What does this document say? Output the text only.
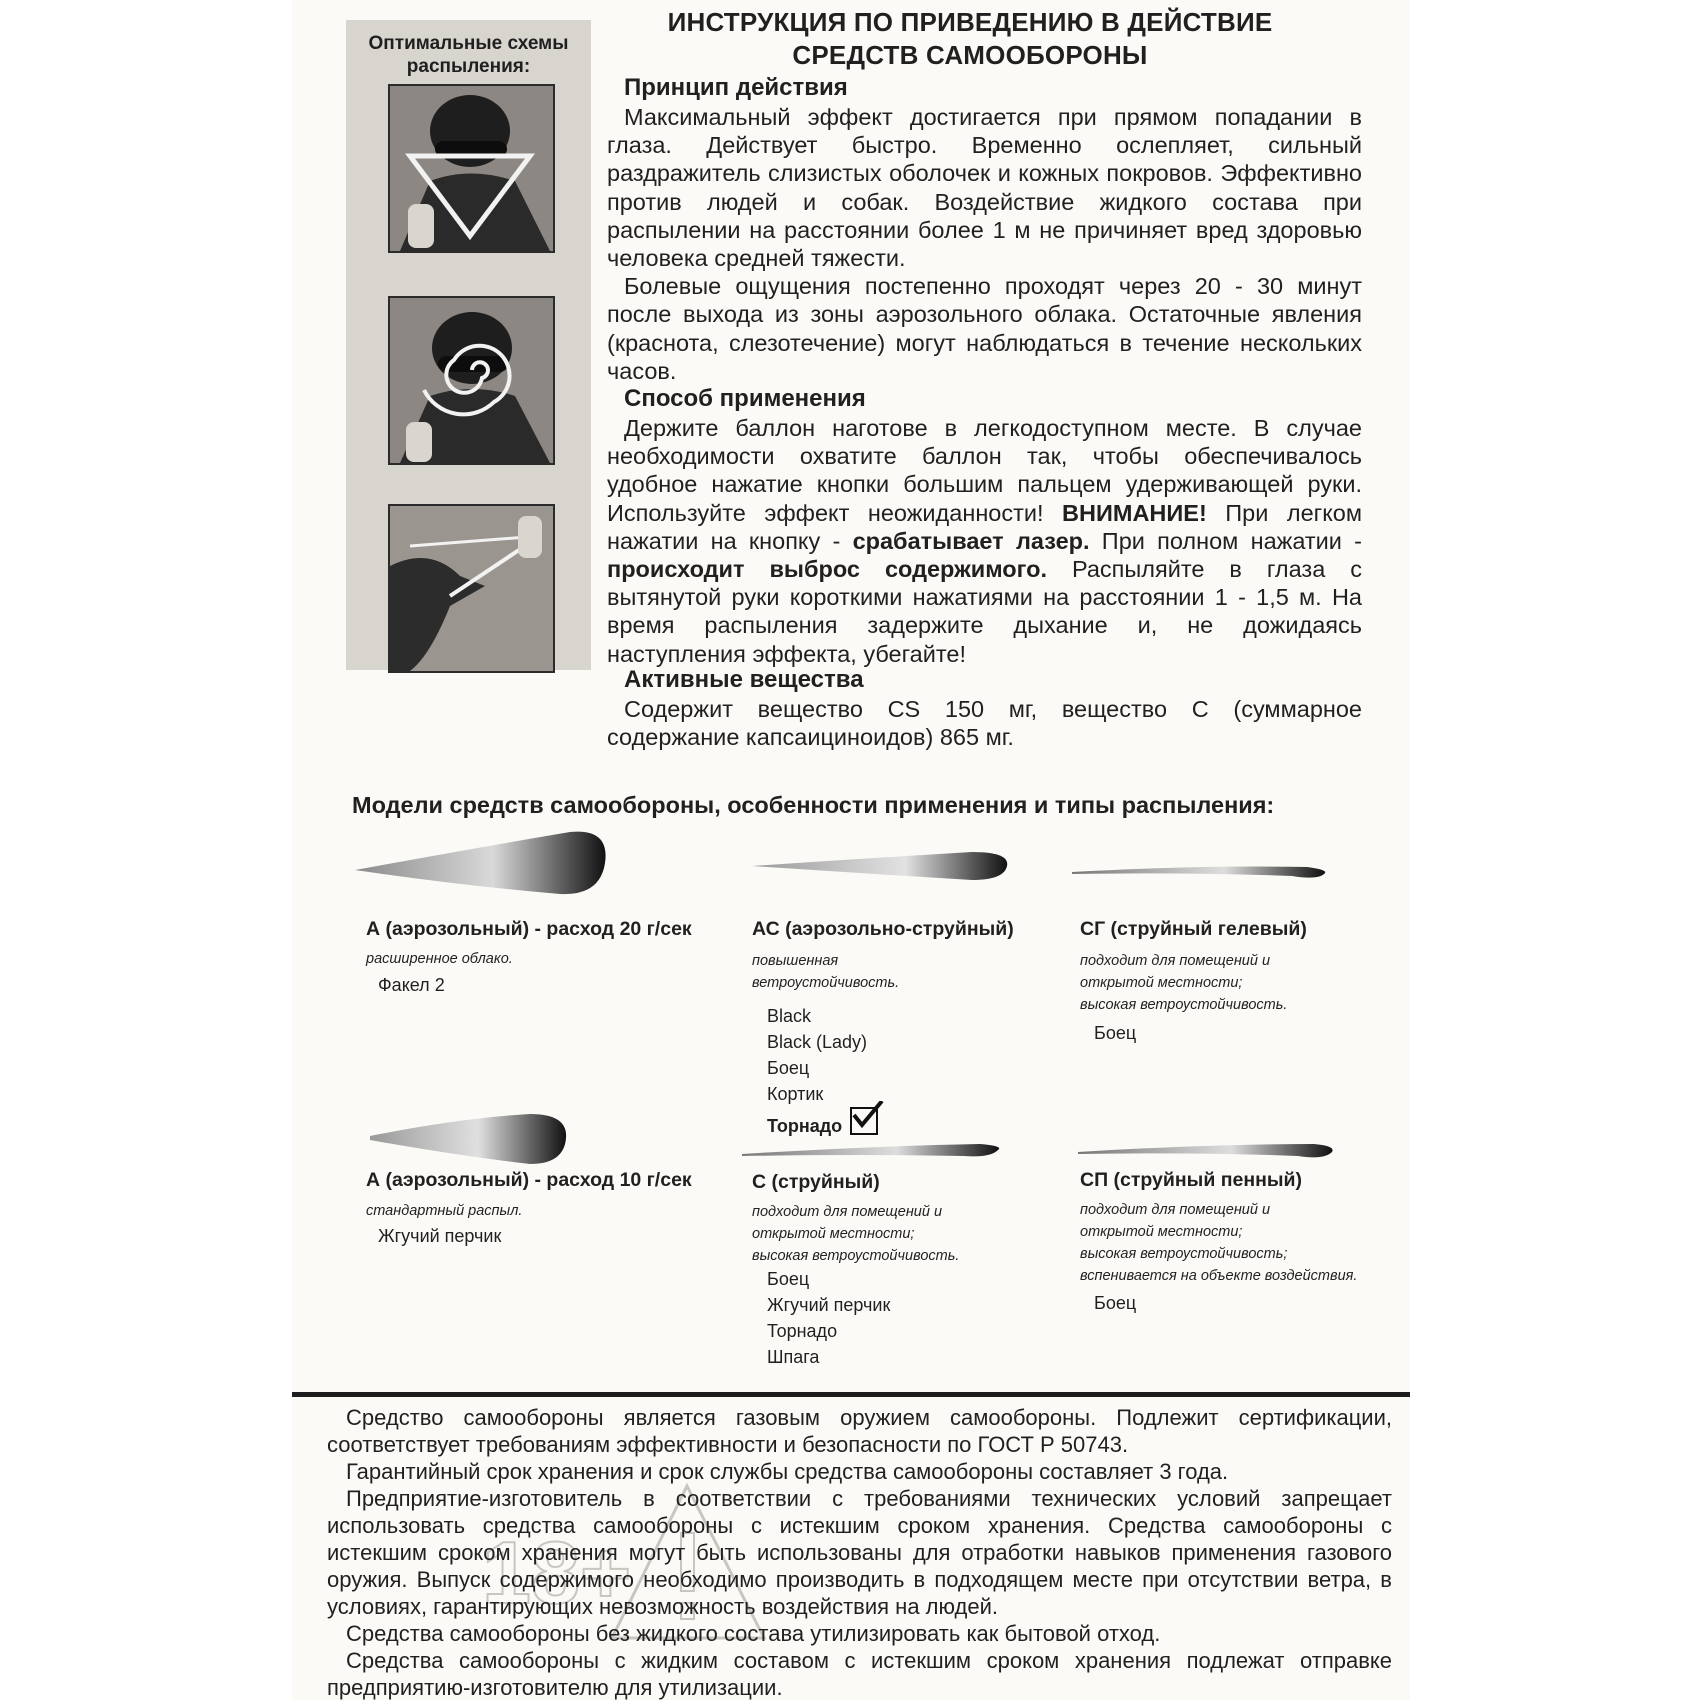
ИНСТРУКЦИЯ ПО ПРИВЕДЕНИЮ В ДЕЙСТВИЕ
СРЕДСТВ САМООБОРОНЫ
Оптимальные схемы
распыления:
Принцип действия

Максимальный эффект достигается при прямом попадании в глаза. Действует быстро. Временно ослепляет, сильный раздражитель слизистых оболочек и кожных покровов. Эффективно против людей и собак. Воздействие жидкого состава при распылении на расстоянии более 1 м не причиняет вред здоровью человека средней тяжести.

Болевые ощущения постепенно проходят через 20 - 30 минут после выхода из зоны аэрозольного облака. Остаточные явления (краснота, слезотечение) могут наблюдаться в течение нескольких часов.

Способ применения

Держите баллон наготове в легкодоступном месте. В случае необходимости охватите баллон так, чтобы обеспечивалось удобное нажатие кнопки большим пальцем удерживающей руки. Используйте эффект неожиданности! ВНИМАНИЕ! При легком нажатии на кнопку - срабатывает лазер. При полном нажатии - происходит выброс содержимого. Распыляйте в глаза с вытянутой руки короткими нажатиями на расстоянии 1 - 1,5 м. На время распыления задержите дыхание и, не дожидаясь наступления эффекта, убегайте!

Активные вещества

Содержит вещество CS 150 мг, вещество С (суммарное содержание капсаициноидов) 865 мг.

Модели средств самообороны, особенности применения и типы распыления:
А (аэрозольный) - расход 20 г/сек
расширенное облако.
Факел 2
АС (аэрозольно-струйный)
повышенная
ветроустойчивость.
Black
Black (Lady)
Боец
Кортик
Торнадо
СГ (струйный гелевый)
подходит для помещений и
открытой местности;
высокая ветроустойчивость.
Боец
А (аэрозольный) - расход 10 г/сек
стандартный распыл.
Жгучий перчик
С (струйный)
подходит для помещений и
открытой местности;
высокая ветроустойчивость.
Боец
Жгучий перчик
Торнадо
Шпага
СП (струйный пенный)
подходит для помещений и
открытой местности;
высокая ветроустойчивость;
вспенивается на объекте воздействия.
Боец
18+

Средство самообороны является газовым оружием самообороны. Подлежит сертификации, соответствует требованиям эффективности и безопасности по ГОСТ Р 50743.

Гарантийный срок хранения и срок службы средства самообороны составляет 3 года.

Предприятие-изготовитель в соответствии с требованиями технических условий запрещает использовать средства самообороны с истекшим сроком хранения. Средства самообороны с истекшим сроком хранения могут быть использованы для отработки навыков применения газового оружия. Выпуск содержимого необходимо производить в подходящем месте при отсутствии ветра, в условиях, гарантирующих невозможность воздействия на людей.

Средства самообороны без жидкого состава утилизировать как бытовой отход.

Средства самообороны с жидким составом с истекшим сроком хранения подлежат отправке предприятию-изготовителю для утилизации.
